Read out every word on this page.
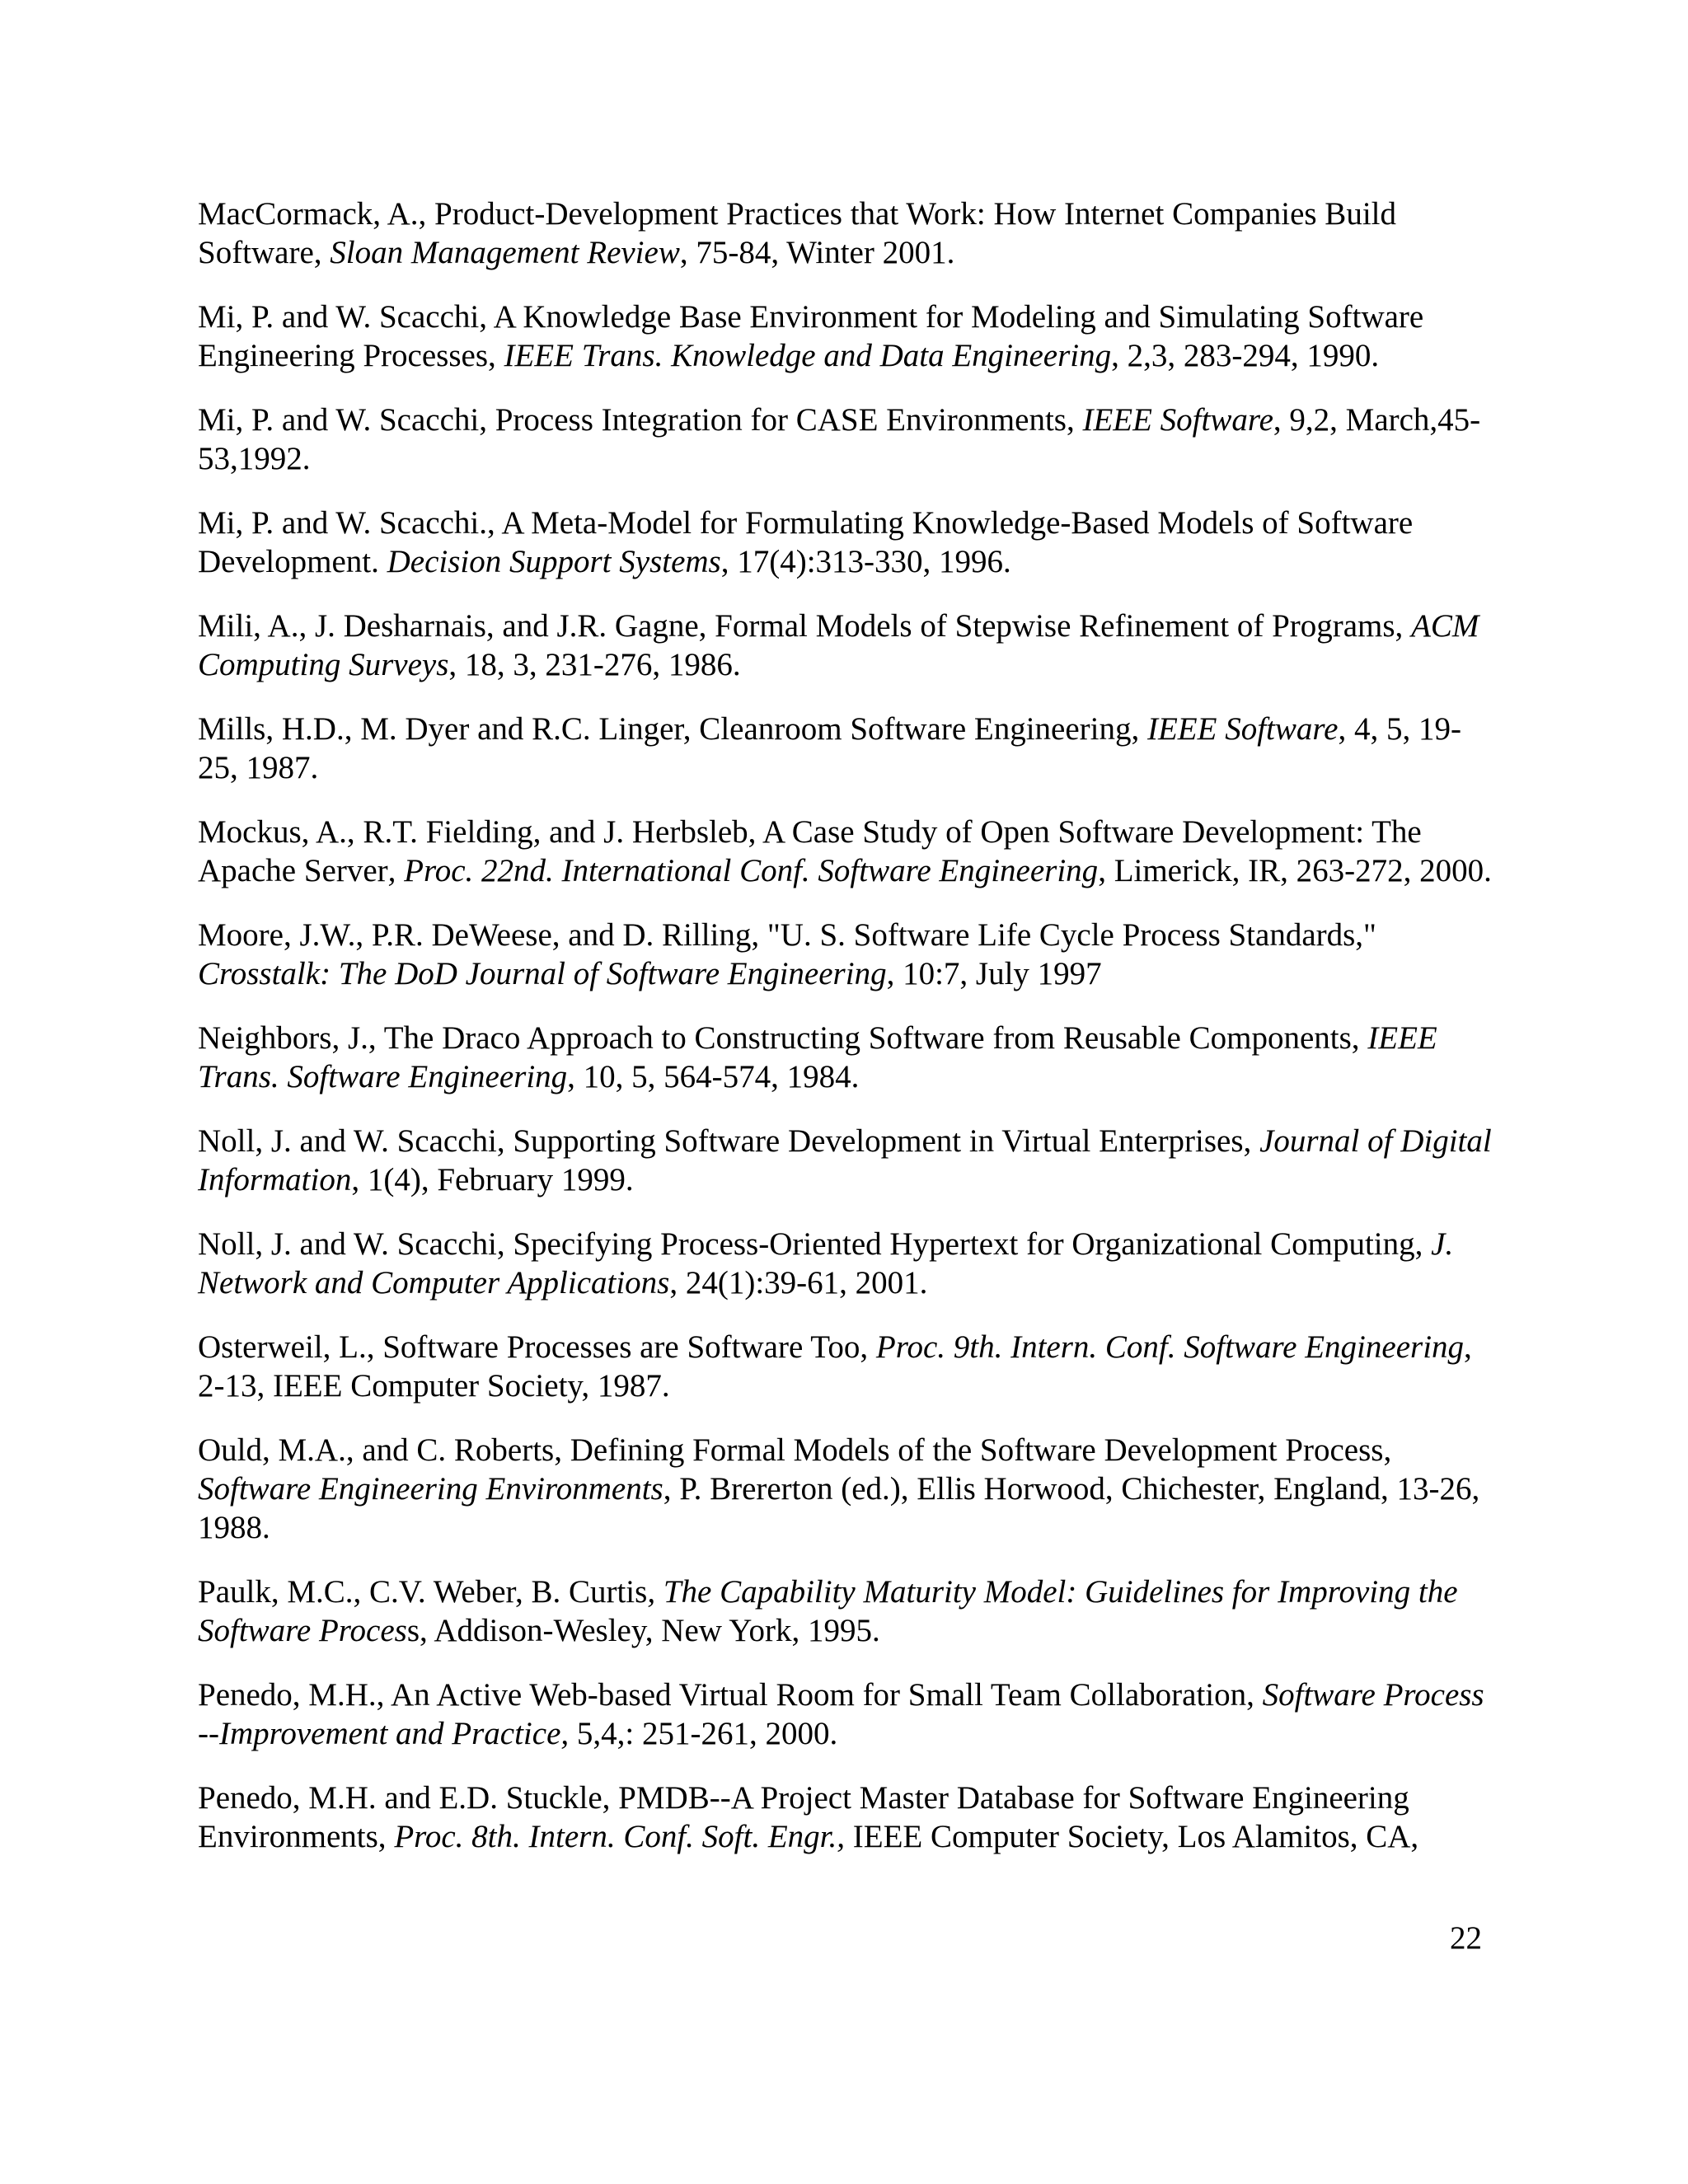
MacCormack, A., Product-Development Practices that Work: How Internet Companies Build Software, Sloan Management Review, 75-84, Winter 2001.

Mi, P. and W. Scacchi, A Knowledge Base Environment for Modeling and Simulating Software Engineering Processes, IEEE Trans. Knowledge and Data Engineering, 2,3, 283-294, 1990.

Mi, P. and W. Scacchi, Process Integration for CASE Environments, IEEE Software, 9,2, March,45-53,1992.

Mi, P. and W. Scacchi., A Meta-Model for Formulating Knowledge-Based Models of Software Development. Decision Support Systems, 17(4):313-330, 1996.

Mili, A., J. Desharnais, and J.R. Gagne, Formal Models of Stepwise Refinement of Programs, ACM Computing Surveys, 18, 3, 231-276, 1986.

Mills, H.D., M. Dyer and R.C. Linger, Cleanroom Software Engineering, IEEE Software, 4, 5, 19-25, 1987.

Mockus, A., R.T. Fielding, and J. Herbsleb, A Case Study of Open Software Development: The Apache Server, Proc. 22nd. International Conf. Software Engineering, Limerick, IR, 263-272, 2000.

Moore, J.W., P.R. DeWeese, and D. Rilling, "U. S. Software Life Cycle Process Standards," Crosstalk: The DoD Journal of Software Engineering, 10:7, July 1997

Neighbors, J., The Draco Approach to Constructing Software from Reusable Components, IEEE Trans. Software Engineering, 10, 5, 564-574, 1984.

Noll, J. and W. Scacchi, Supporting Software Development in Virtual Enterprises, Journal of Digital Information, 1(4), February 1999.

Noll, J. and W. Scacchi, Specifying Process-Oriented Hypertext for Organizational Computing, J. Network and Computer Applications, 24(1):39-61, 2001.

Osterweil, L., Software Processes are Software Too, Proc. 9th. Intern. Conf. Software Engineering, 2-13, IEEE Computer Society, 1987.

Ould, M.A., and C. Roberts, Defining Formal Models of the Software Development Process, Software Engineering Environments, P. Brererton (ed.), Ellis Horwood, Chichester, England, 13-26, 1988.

Paulk, M.C., C.V. Weber, B. Curtis, The Capability Maturity Model: Guidelines for Improving the Software Process, Addison-Wesley, New York, 1995.

Penedo, M.H., An Active Web-based Virtual Room for Small Team Collaboration, Software Process --Improvement and Practice, 5,4,: 251-261, 2000.

Penedo, M.H. and E.D. Stuckle, PMDB--A Project Master Database for Software Engineering Environments, Proc. 8th. Intern. Conf. Soft. Engr., IEEE Computer Society, Los Alamitos, CA,

22
